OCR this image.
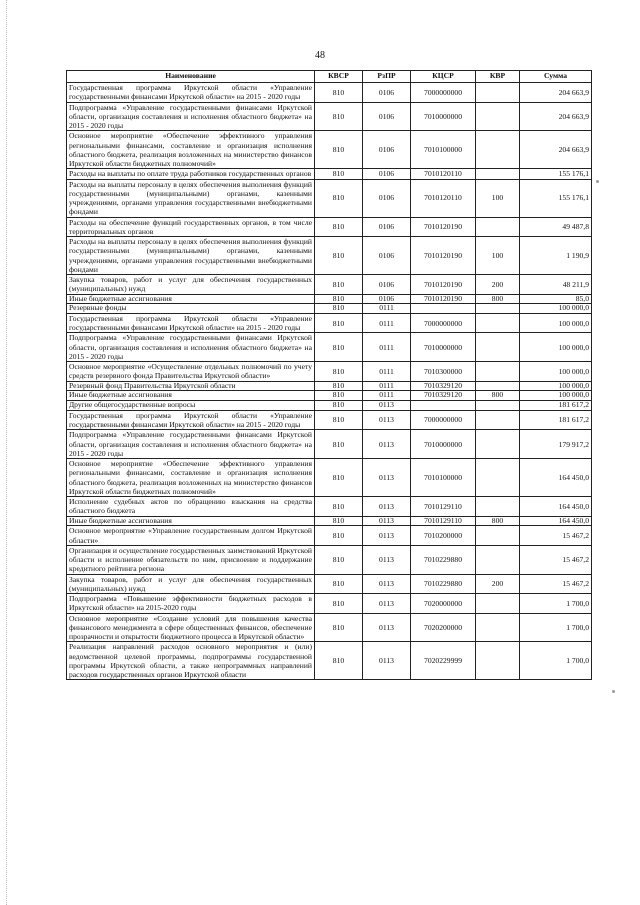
48
Наименование	КВСР	РзПР	КЦСР	КВР	Сумма
Государственная программа Иркутской области «Управление государственными финансами Иркутской области» на 2015 - 2020 годы	810	0106	7000000000		204 663,9
Подпрограмма «Управление государственными финансами Иркутской области, организация составления и исполнения областного бюджета» на 2015 - 2020 годы	810	0106	7010000000		204 663,9
Основное мероприятие «Обеспечение эффективного управления региональными финансами, составление и организация исполнения областного бюджета, реализация возложенных на министерство финансов Иркутской области бюджетных полномочий»	810	0106	7010100000		204 663,9
Расходы на выплаты по оплате труда работников государственных органов	810	0106	7010120110		155 176,1
Расходы на выплаты персоналу в целях обеспечения выполнения функций государственными (муниципальными) органами, казенными учреждениями, органами управления государственными внебюджетными фондами	810	0106	7010120110	100	155 176,1
Расходы на обеспечение функций государственных органов, в том числе территориальных органов	810	0106	7010120190		49 487,8
Расходы на выплаты персоналу в целях обеспечения выполнения функций государственными (муниципальными) органами, казенными учреждениями, органами управления государственными внебюджетными фондами	810	0106	7010120190	100	1 190,9
Закупка товаров, работ и услуг для обеспечения государственных (муниципальных) нужд	810	0106	7010120190	200	48 211,9
Иные бюджетные ассигнования	810	0106	7010120190	800	85,0
Резервные фонды	810	0111			100 000,0
Государственная программа Иркутской области «Управление государственными финансами Иркутской области» на 2015 - 2020 годы	810	0111	7000000000		100 000,0
Подпрограмма «Управление государственными финансами Иркутской области, организация составления и исполнения областного бюджета» на 2015 - 2020 годы	810	0111	7010000000		100 000,0
Основное мероприятие «Осуществление отдельных полномочий по учету средств резервного фонда Правительства Иркутской области»	810	0111	7010300000		100 000,0
Резервный фонд Правительства Иркутской области	810	0111	7010329120		100 000,0
Иные бюджетные ассигнования	810	0111	7010329120	800	100 000,0
Другие общегосударственные вопросы	810	0113			181 617,2
Государственная программа Иркутской области «Управление государственными финансами Иркутской области» на 2015 - 2020 годы	810	0113	7000000000		181 617,2
Подпрограмма «Управление государственными финансами Иркутской области, организация составления и исполнения областного бюджета» на 2015 - 2020 годы	810	0113	7010000000		179 917,2
Основное мероприятие «Обеспечение эффективного управления региональными финансами, составление и организация исполнения областного бюджета, реализация возложенных на министерство финансов Иркутской области бюджетных полномочий»	810	0113	7010100000		164 450,0
Исполнение судебных актов по обращению взыскания на средства областного бюджета	810	0113	7010129110		164 450,0
Иные бюджетные ассигнования	810	0113	7010129110	800	164 450,0
Основное мероприятие «Управление государственным долгом Иркутской области»	810	0113	7010200000		15 467,2
Организация и осуществление государственных заимствований Иркутской области и исполнение обязательств по ним, присвоение и поддержание кредитного рейтинга региона	810	0113	7010229880		15 467,2
Закупка товаров, работ и услуг для обеспечения государственных (муниципальных) нужд	810	0113	7010229880	200	15 467,2
Подпрограмма «Повышение эффективности бюджетных расходов в Иркутской области» на 2015-2020 годы	810	0113	7020000000		1 700,0
Основное мероприятие «Создание условий для повышения качества финансового менеджмента в сфере общественных финансов, обеспечение прозрачности и открытости бюджетного процесса в Иркутской области»	810	0113	7020200000		1 700,0
Реализация направлений расходов основного мероприятия и (или) ведомственной целевой программы, подпрограммы государственной программы Иркутской области, а также непрограммных направлений расходов государственных органов Иркутской области	810	0113	7020229999		1 700,0
